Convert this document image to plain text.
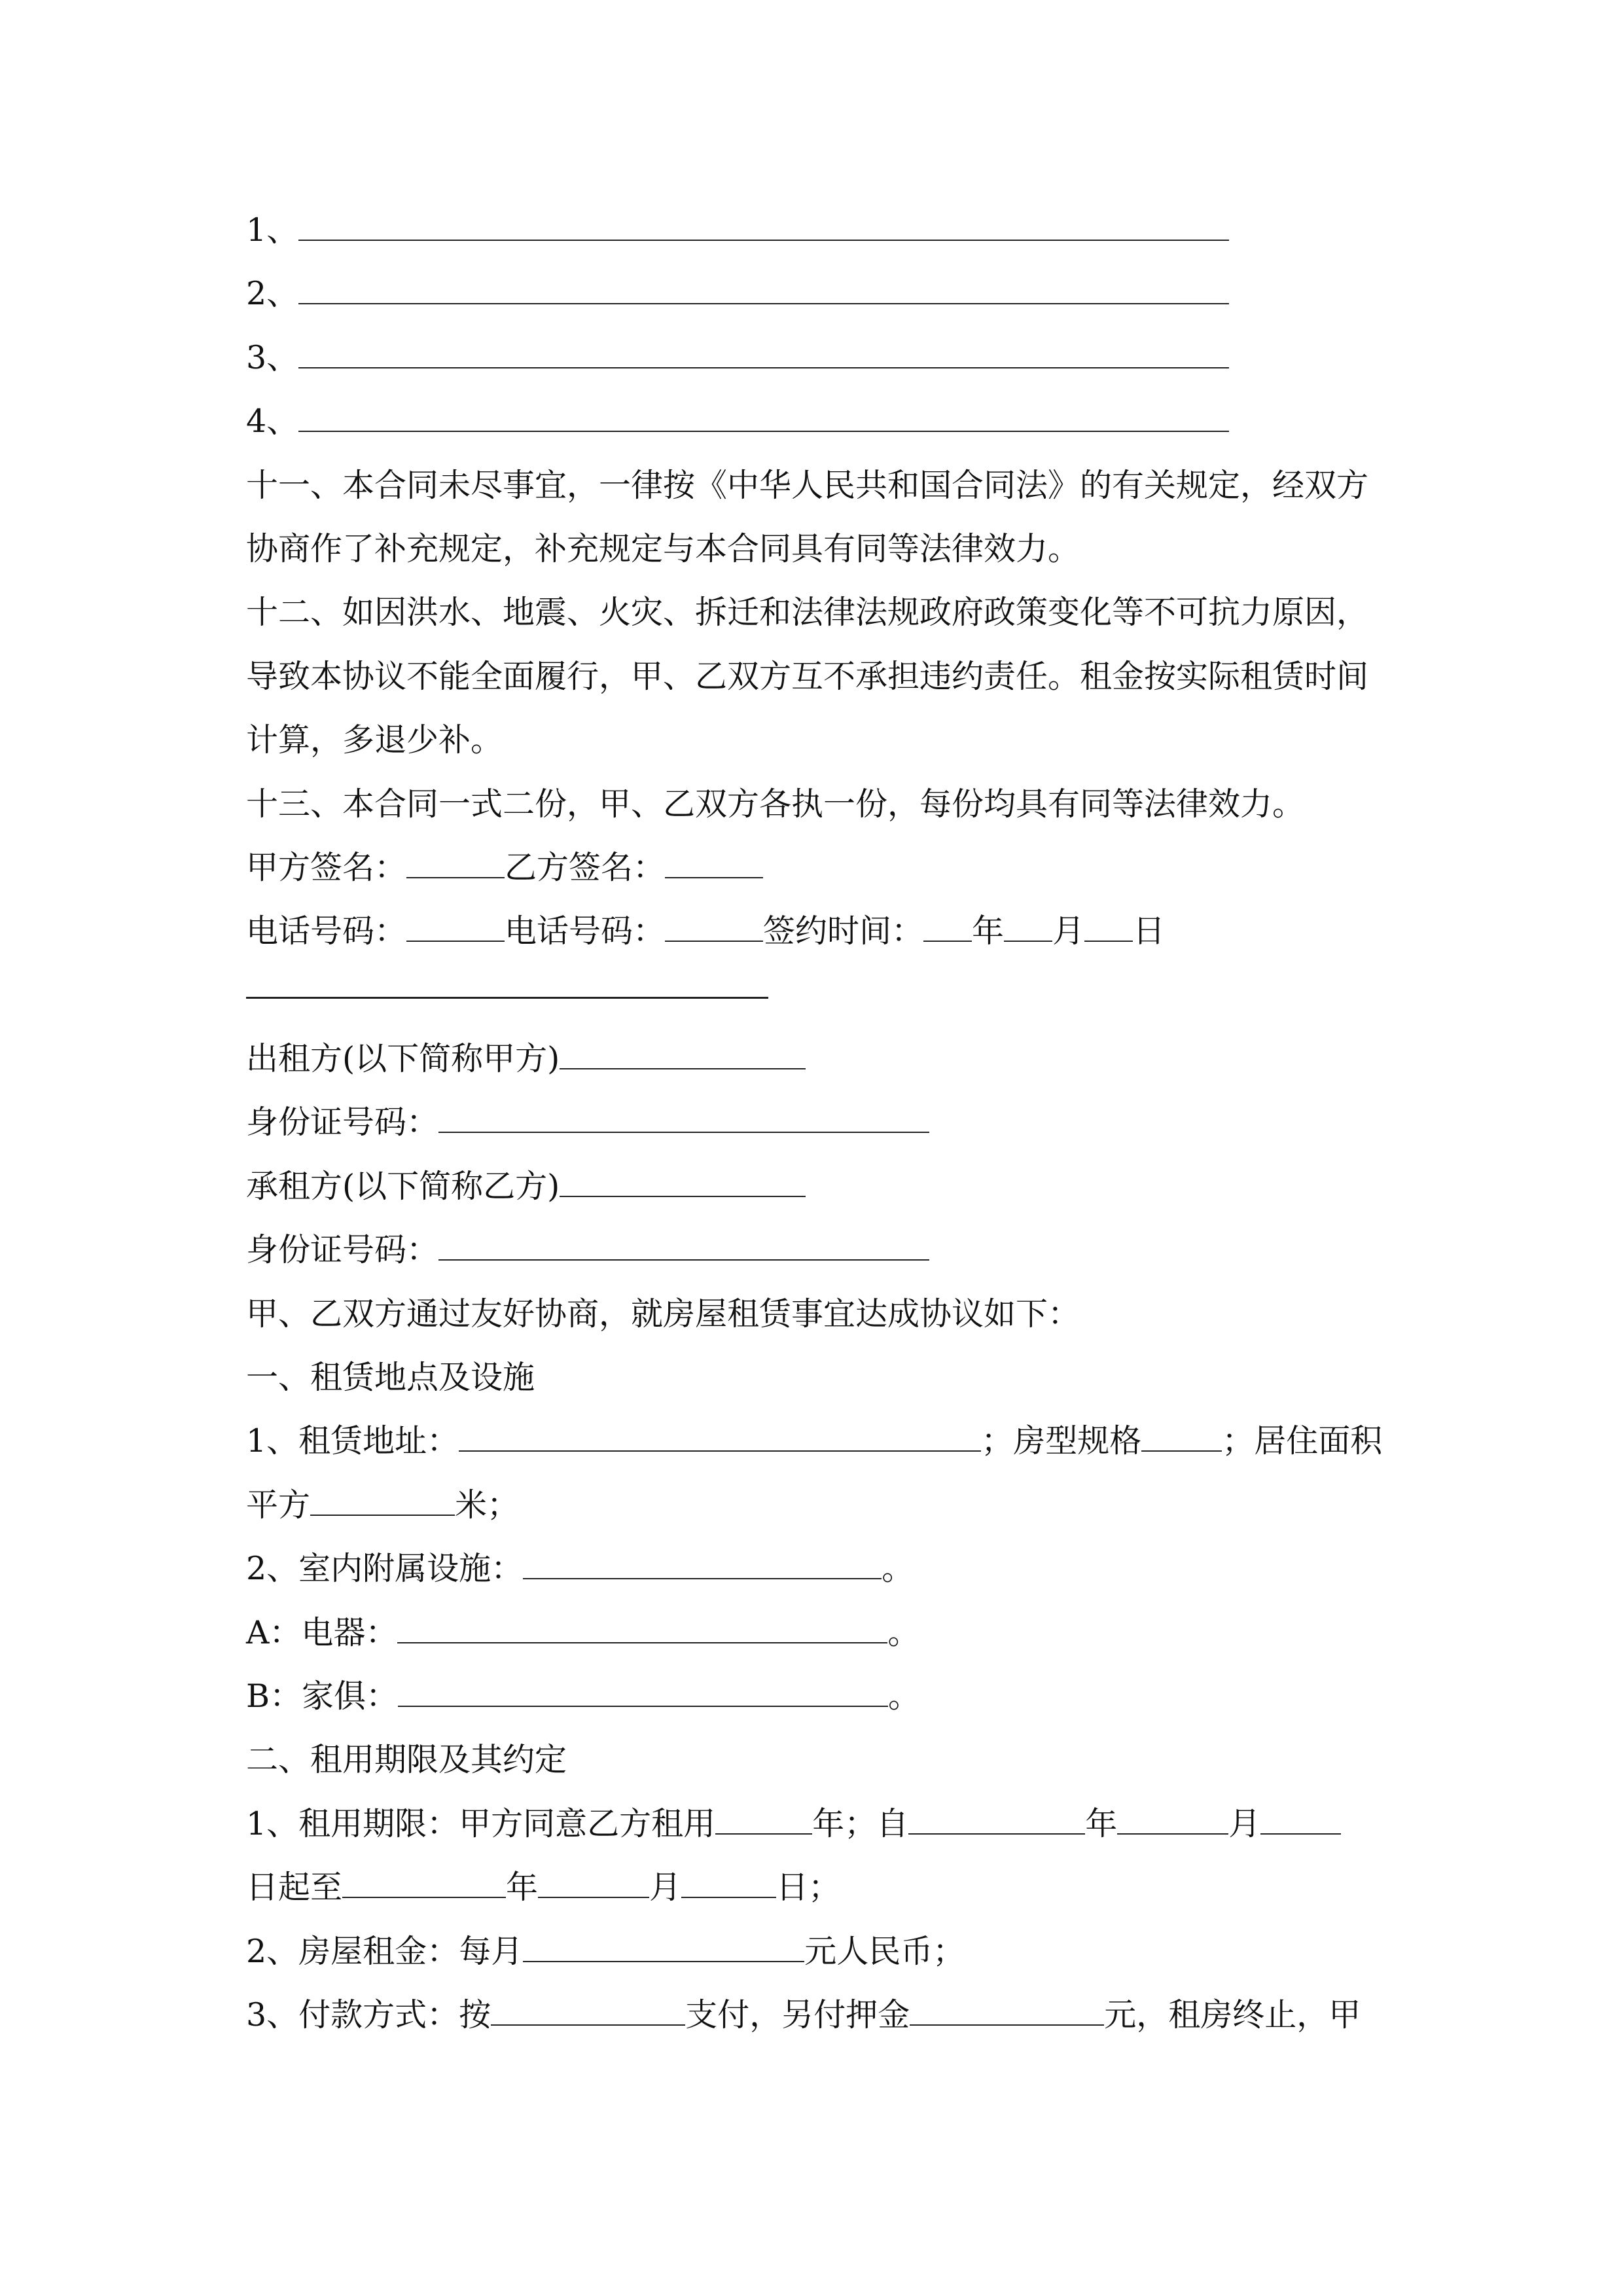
1、
2、
3、
4、
十一、本合同未尽事宜，一律按《中华人民共和国合同法》的有关规定，经双方
协商作了补充规定，补充规定与本合同具有同等法律效力。
十二、如因洪水、地震、火灾、拆迁和法律法规政府政策变化等不可抗力原因，
导致本协议不能全面履行，甲、乙双方互不承担违约责任。租金按实际租赁时间
计算，多退少补。
十三、本合同一式二份，甲、乙双方各执一份，每份均具有同等法律效力。
甲方签名：	乙方签名：
电话号码：	电话号码：	签约时间： 年 月 日
出租方(以下简称甲方)
身份证号码：
承租方(以下简称乙方)
身份证号码：
甲、乙双方通过友好协商，就房屋租赁事宜达成协议如下：
一、租赁地点及设施
1、租赁地址：	；房型规格	；居住面积
平方	米；
2、室内附属设施：	。
A：电器：	。
B：家俱：	。
二、租用期限及其约定
1、租用期限：甲方同意乙方租用	年；自	年	月
日起至	年	月	日；
2、房屋租金：每月	元人民币；
3、付款方式：按	支付，另付押金	元，租房终止，甲
